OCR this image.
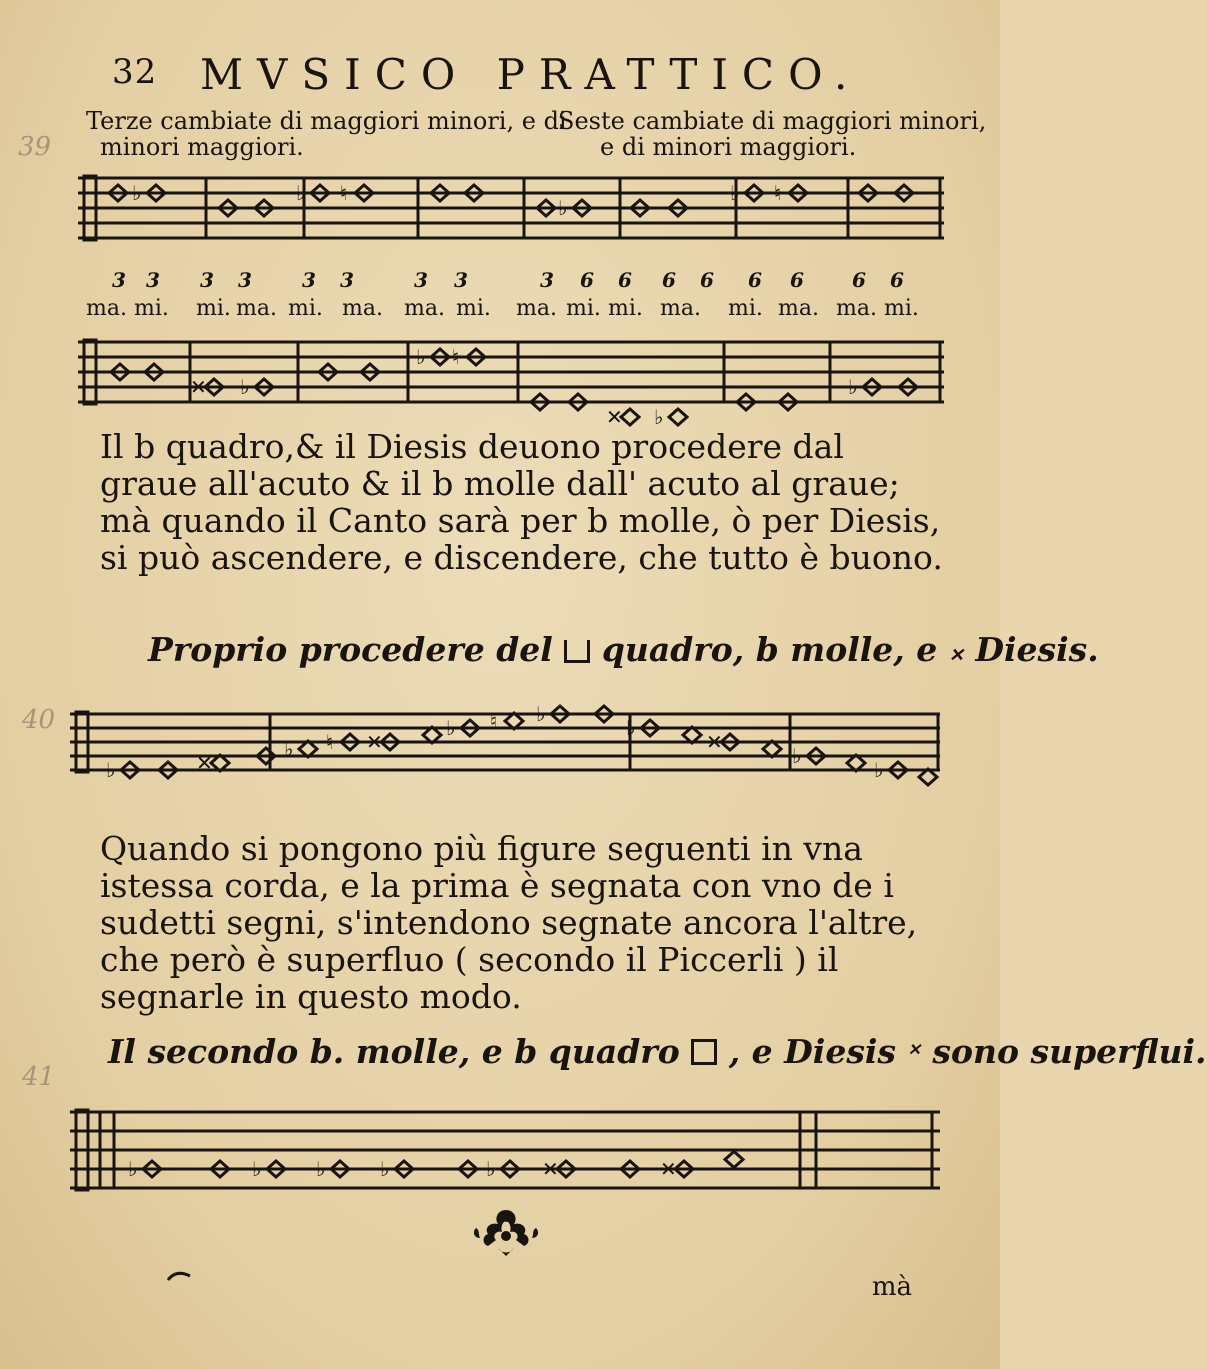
32 MVSICO PRATTICO.
39
40
41
Terze cambiate di maggiori minori, e di
minori maggiori.
Seste cambiate di maggiori minori,
e di minori maggiori.
♭	♭ ♮
♭
♭ ♮
3 3 3 3	3 3	3 3	3 6 6 6 6 6 6 6 6
ma. mi. mi. ma. mi. ma. ma. mi. ma. mi. mi. ma. mi. ma. ma. mi.
✕ ♭
♭ ♮
✕ ♭
♭

Il b quadro,& il Diesis deuono procedere dal graue all'acuto & il b molle dall' acuto al graue; mà quando il Canto sarà per b molle, ò per Diesis, si può ascendere, e discendere, che tutto è buono.

Proprio procedere del quadro, b molle, e ✕ Diesis.
♭	✕
♭ ♮ ✕
♭ ♮ ♭
♭
✕
♭
♭

Quando si pongono più figure seguenti in vna istessa corda, e la prima è segnata con vno de i sudetti segni, s'intendono segnate ancora l'altre, che però è superfluo ( secondo il Piccerli ) il segnarle in questo modo.

Il secondo b. molle, e b quadro , e Diesis ✕ sono superflui.
♭	♭	♭	♭	♭ ✕	✕
mà
